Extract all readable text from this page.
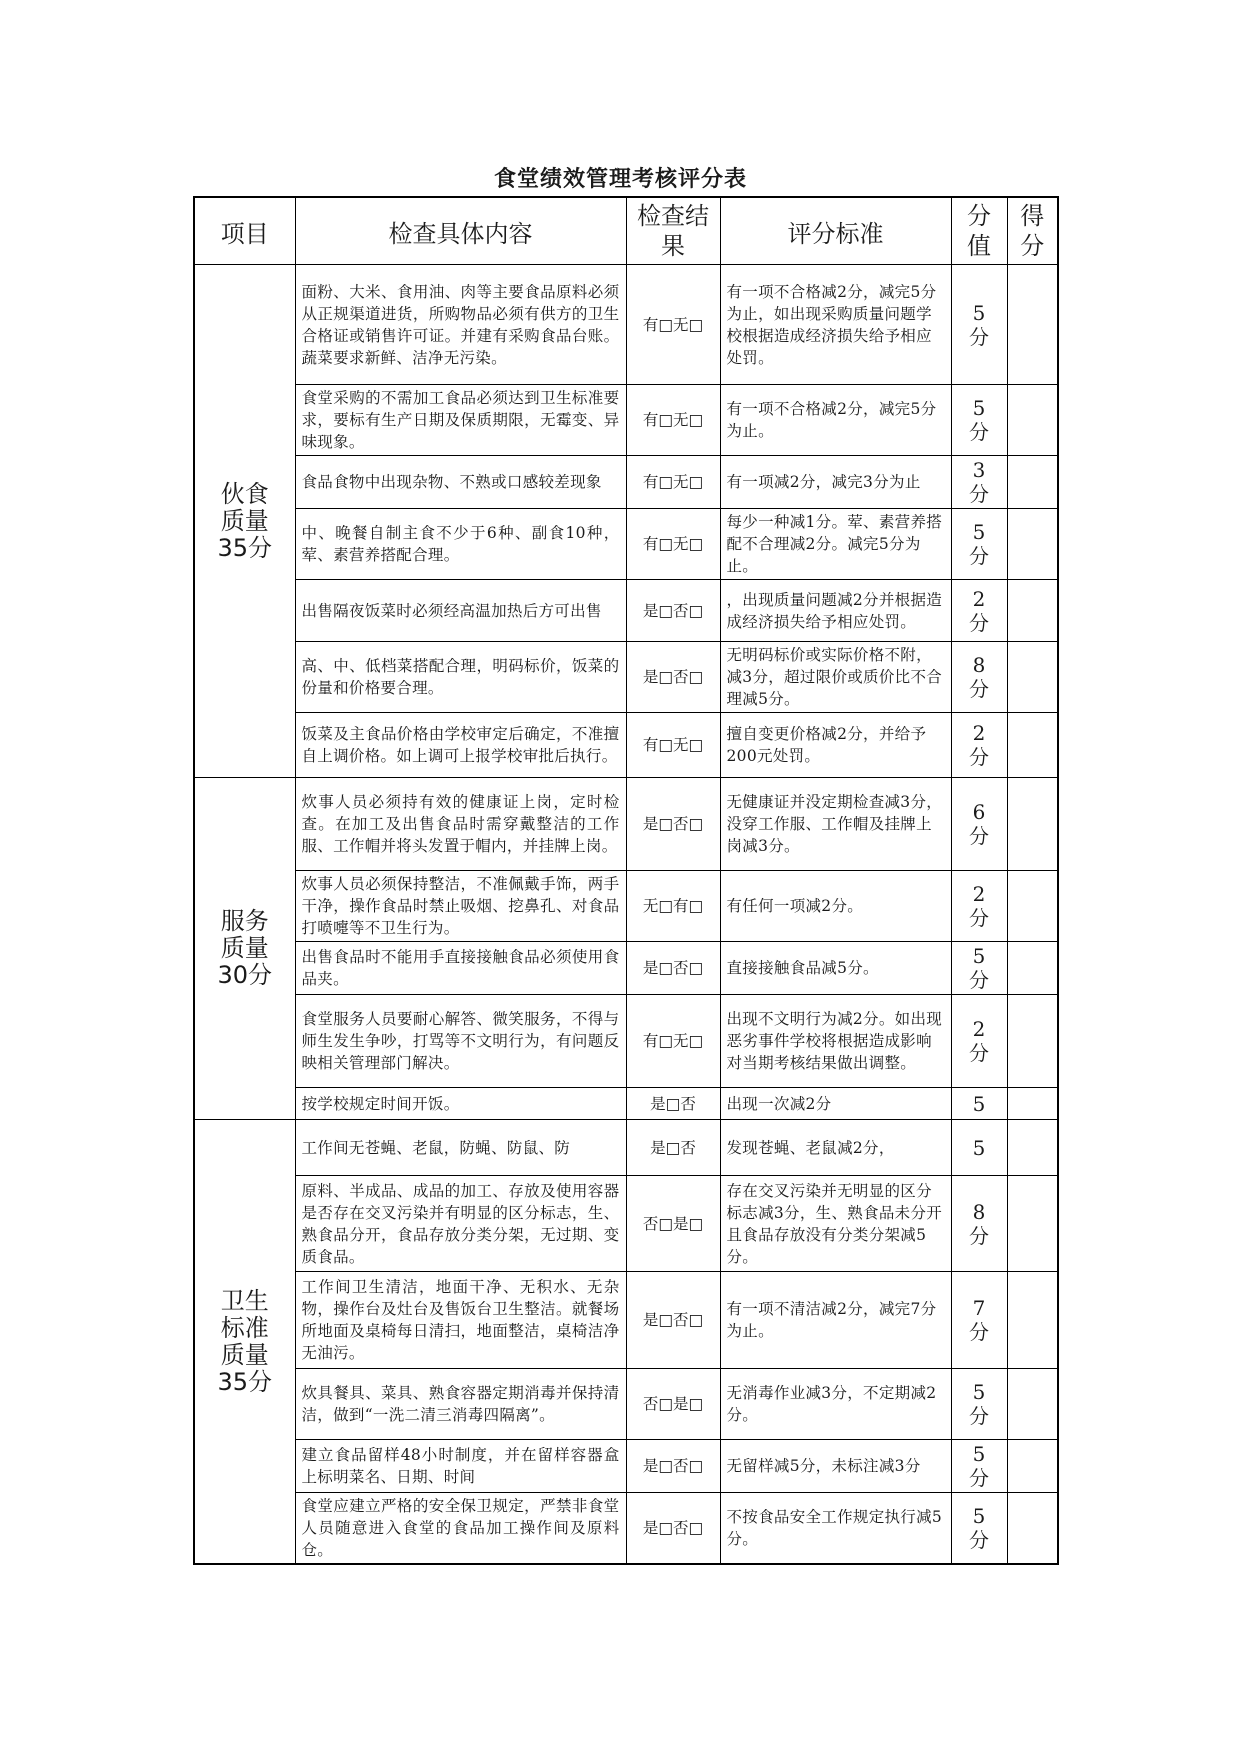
食堂绩效管理考核评分表
项目	检查具体内容	检查结果	评分标准	分值	得分
伙食质量35分	面粉、大米、食用油、肉等主要食品原料必须从正规渠道进货，所购物品必须有供方的卫生合格证或销售许可证。并建有采购食品台账。蔬菜要求新鲜、洁净无污染。	有□无□	有一项不合格减2分，减完5分为止，如出现采购质量问题学校根据造成经济损失给予相应处罚。	5分	
	食堂采购的不需加工食品必须达到卫生标准要求，要标有生产日期及保质期限，无霉变、异味现象。	有□无□	有一项不合格减2分，减完5分为止。	5分	
	食品食物中出现杂物、不熟或口感较差现象	有□无□	有一项减2分，减完3分为止	3分	
	中、晚餐自制主食不少于6种、副食10种，荤、素营养搭配合理。	有□无□	每少一种减1分。荤、素营养搭配不合理减2分。减完5分为止。	5分	
	出售隔夜饭菜时必须经高温加热后方可出售	是□否□	，出现质量问题减2分并根据造成经济损失给予相应处罚。	2分	
	高、中、低档菜搭配合理，明码标价，饭菜的份量和价格要合理。	是□否□	无明码标价或实际价格不附，减3分，超过限价或质价比不合理减5分。	8分	
	饭菜及主食品价格由学校审定后确定，不准擅自上调价格。如上调可上报学校审批后执行。	有□无□	擅自变更价格减2分，并给予200元处罚。	2分	
服务质量30分	炊事人员必须持有效的健康证上岗，定时检查。在加工及出售食品时需穿戴整洁的工作服、工作帽并将头发置于帽内，并挂牌上岗。	是□否□	无健康证并没定期检查减3分，没穿工作服、工作帽及挂牌上岗减3分。	6分	
	炊事人员必须保持整洁，不准佩戴手饰，两手干净，操作食品时禁止吸烟、挖鼻孔、对食品打喷嚏等不卫生行为。	无□有□	有任何一项减2分。	2分	
	出售食品时不能用手直接接触食品必须使用食品夹。	是□否□	直接接触食品减5分。	5分	
	食堂服务人员要耐心解答、微笑服务，不得与师生发生争吵，打骂等不文明行为，有问题反映相关管理部门解决。	有□无□	出现不文明行为减2分。如出现恶劣事件学校将根据造成影响对当期考核结果做出调整。	2分	
	按学校规定时间开饭。	是□否	出现一次减2分	5	
卫生标准质量35分	工作间无苍蝇、老鼠，防蝇、防鼠、防	是□否	发现苍蝇、老鼠减2分，	5	
	原料、半成品、成品的加工、存放及使用容器是否存在交叉污染并有明显的区分标志，生、熟食品分开，食品存放分类分架，无过期、变质食品。	否□是□	存在交叉污染并无明显的区分标志减3分，生、熟食品未分开且食品存放没有分类分架减5分。	8分	
	工作间卫生清洁，地面干净、无积水、无杂物，操作台及灶台及售饭台卫生整洁。就餐场所地面及桌椅每日清扫，地面整洁，桌椅洁净无油污。	是□否□	有一项不清洁减2分，减完7分为止。	7分	
	炊具餐具、菜具、熟食容器定期消毒并保持清洁，做到“一洗二清三消毒四隔离”。	否□是□	无消毒作业减3分，不定期减2分。	5分	
	建立食品留样48小时制度，并在留样容器盒上标明菜名、日期、时间	是□否□	无留样减5分，未标注减3分	5分	
	食堂应建立严格的安全保卫规定，严禁非食堂人员随意进入食堂的食品加工操作间及原料仓。	是□否□	不按食品安全工作规定执行减5分。	5分	
